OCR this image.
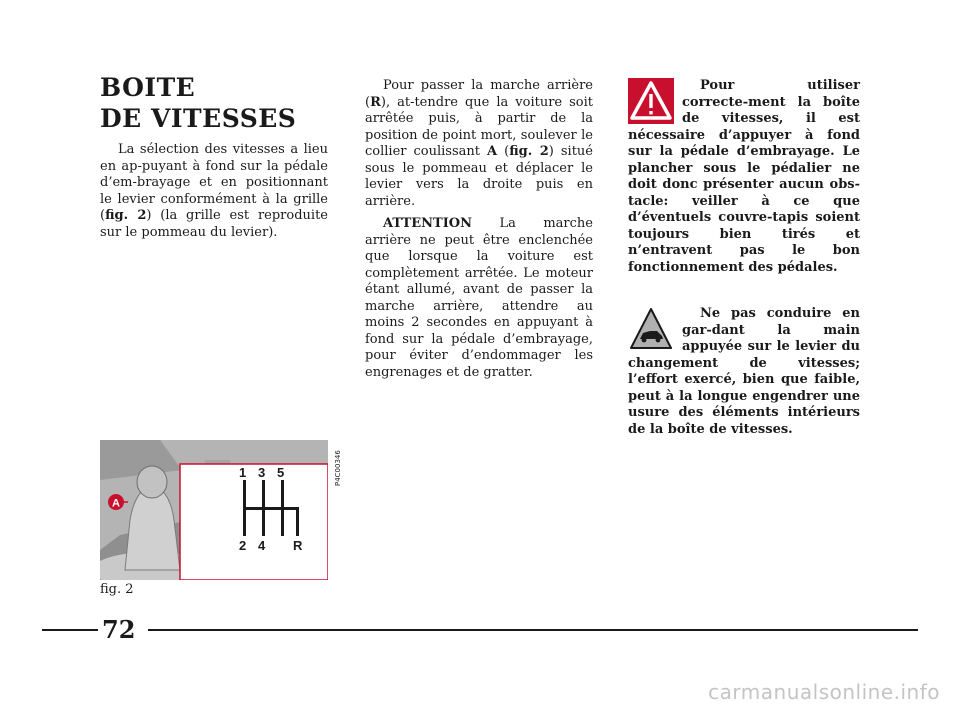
BOITE
DE VITESSES

La sélection des vitesses a lieu en ap-puyant à fond sur la pédale d’em-brayage et en positionnant le levier conformément à la grille (fig. 2) (la grille est reproduite sur le pommeau du levier).

Pour passer la marche arrière (R), at-tendre que la voiture soit arrêtée puis, à partir de la position de point mort, soulever le collier coulissant A (fig. 2) situé sous le pommeau et déplacer le levier vers la droite puis en arrière.

ATTENTION La marche arrière ne peut être enclenchée que lorsque la voiture est complètement arrêtée. Le moteur étant allumé, avant de passer la marche arrière, attendre au moins 2 secondes en appuyant à fond sur la pédale d’embrayage, pour éviter d’endommager les engrenages et de gratter.

Pour utiliser correcte-ment la boîte de vitesses, il est nécessaire d’appuyer à fond sur la pédale d’embrayage. Le plancher sous le pédalier ne doit donc présenter aucun obs-tacle: veiller à ce que d’éventuels couvre-tapis soient toujours bien tirés et n’entravent pas le bon fonctionnement des pédales.

Ne pas conduire en gar-dant la main appuyée sur le levier du changement de vitesses; l’effort exercé, bien que faible, peut à la longue engendrer une usure des éléments intérieurs de la boîte de vitesses.

1 3 5
2 4 R
A
P4C00346
fig. 2
72
carmanualsonline.info
